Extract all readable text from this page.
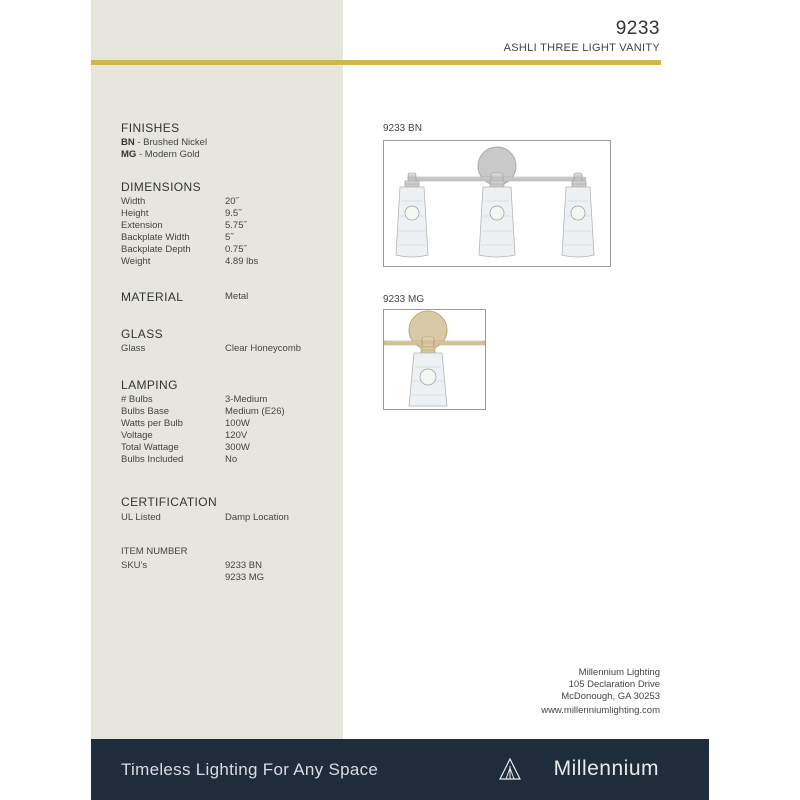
9233
ASHLI THREE LIGHT VANITY
FINISHES
BN - Brushed Nickel
MG - Modern Gold
DIMENSIONS
Width	20˝
Height	9.5˝
Extension	5.75˝
Backplate Width	5˝
Backplate Depth	0.75˝
Weight	4.89 lbs
MATERIAL	Metal
GLASS
Glass	Clear Honeycomb
LAMPING
# Bulbs	3-Medium
Bulbs Base	Medium (E26)
Watts per Bulb	100W
Voltage	120V
Total Wattage	300W
Bulbs Included	No
CERTIFICATION
UL Listed	Damp Location
ITEM NUMBER
SKU's	9233 BN
9233 MG
9233 BN
9233 MG
Millennium Lighting
105 Declaration Drive
McDonough, GA 30253
www.millenniumlighting.com
Timeless Lighting For Any Space	Millennium
